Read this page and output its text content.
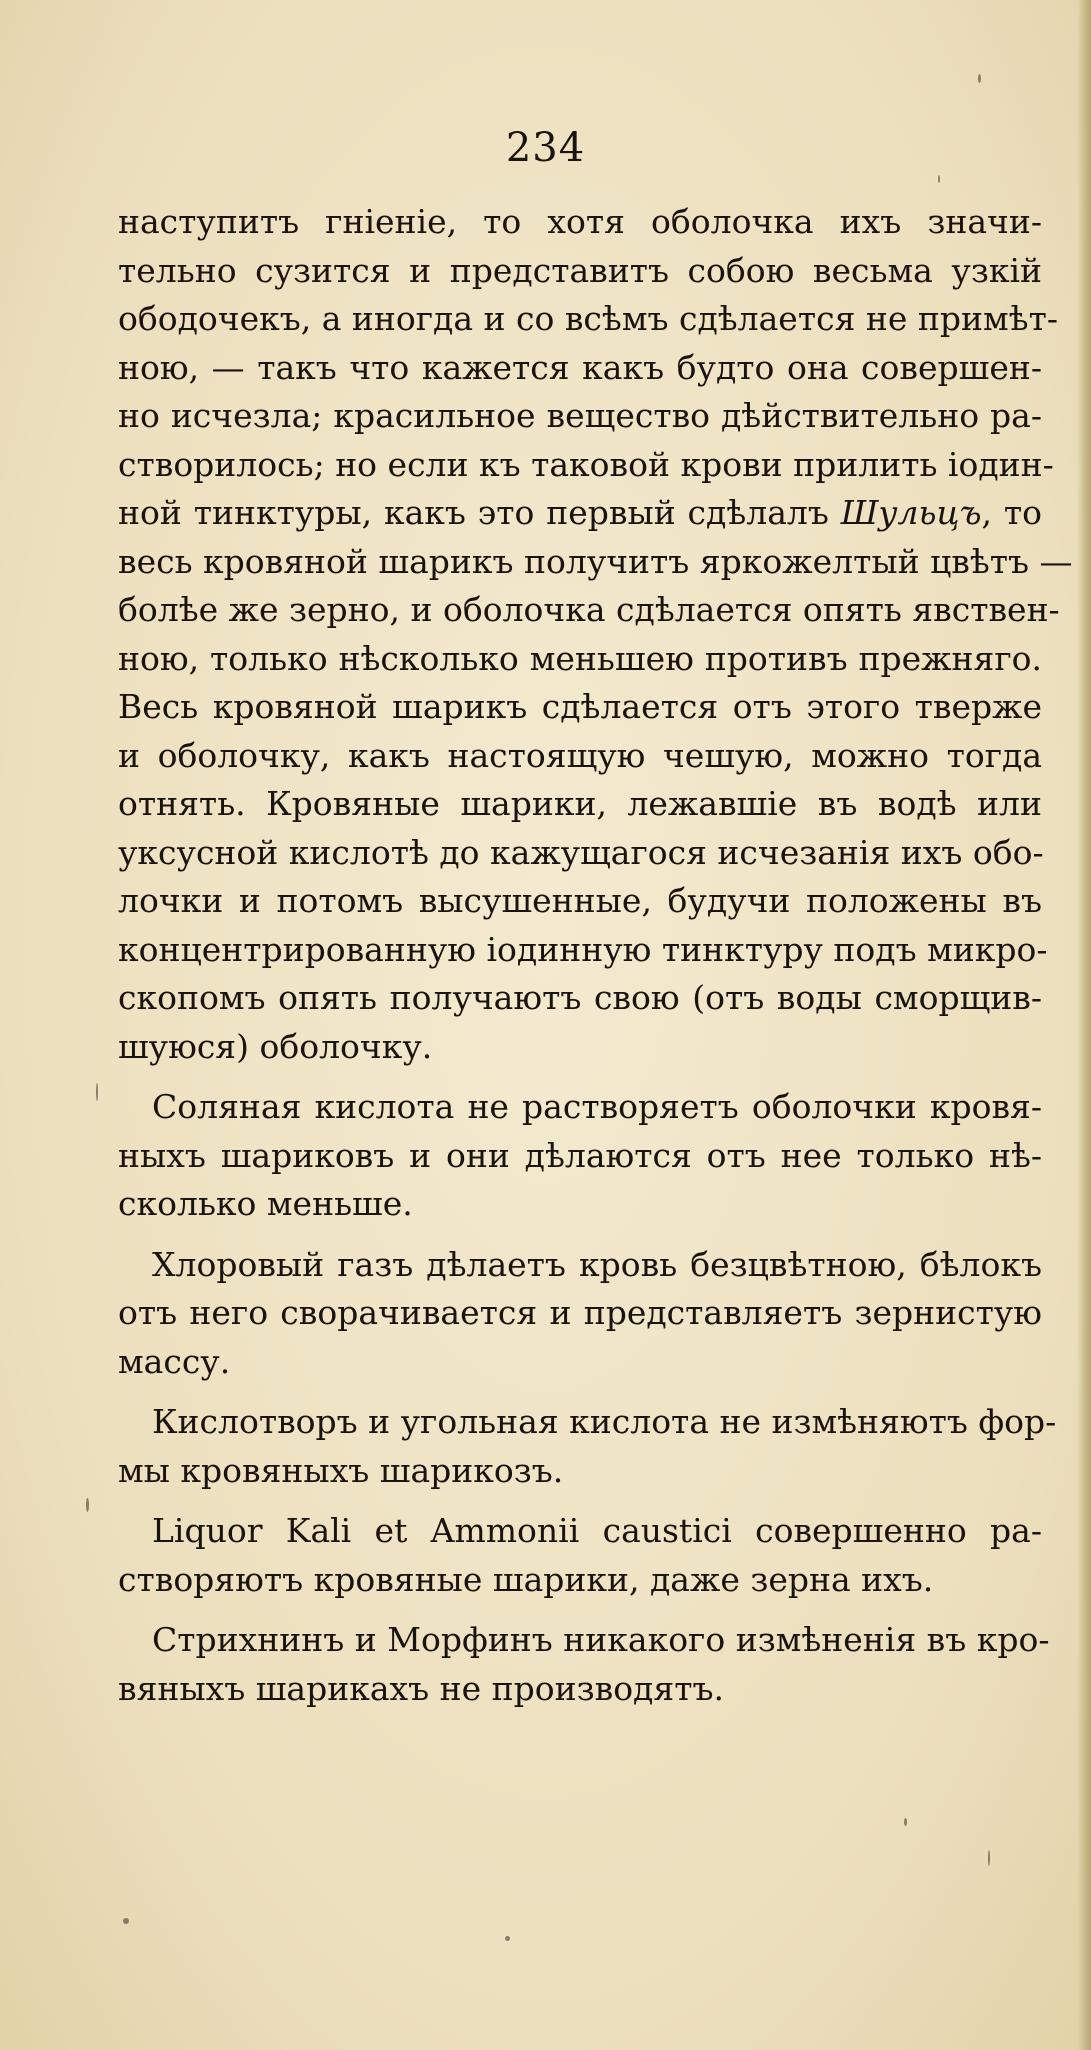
234

наступитъ гніеніе, то хотя оболочка ихъ значи-
тельно сузится и представитъ собою весьма узкій
ободочекъ, а иногда и со всѣмъ сдѣлается не примѣт-
ною, — такъ что кажется какъ будто она совершен-
но исчезла; красильное вещество дѣйствительно ра-
створилось; но если къ таковой крови прилить іодин-
ной тинктуры, какъ это первый сдѣлалъ Шульцъ, то
весь кровяной шарикъ получитъ яркожелтый цвѣтъ —
болѣе же зерно, и оболочка сдѣлается опять явствен-
ною, только нѣсколько меньшею противъ прежняго.
Весь кровяной шарикъ сдѣлается отъ этого тверже
и оболочку, какъ настоящую чешую, можно тогда
отнять. Кровяные шарики, лежавшіе въ водѣ или
уксусной кислотѣ до кажущагося исчезанія ихъ обо-
лочки и потомъ высушенные, будучи положены въ
концентрированную іодинную тинктуру подъ микро-
скопомъ опять получаютъ свою (отъ воды сморщив-
шуюся) оболочку.

Соляная кислота не растворяетъ оболочки кровя-
ныхъ шариковъ и они дѣлаются отъ нее только нѣ-
сколько меньше.

Хлоровый газъ дѣлаетъ кровь безцвѣтною, бѣлокъ
отъ него сворачивается и представляетъ зернистую
массу.

Кислотворъ и угольная кислота не измѣняютъ фор-
мы кровяныхъ шарикозъ.

Liquor Kali et Ammonii caustici совершенно ра-
створяютъ кровяные шарики, даже зерна ихъ.

Стрихнинъ и Морфинъ никакого измѣненія въ кро-
вяныхъ шарикахъ не производятъ.
